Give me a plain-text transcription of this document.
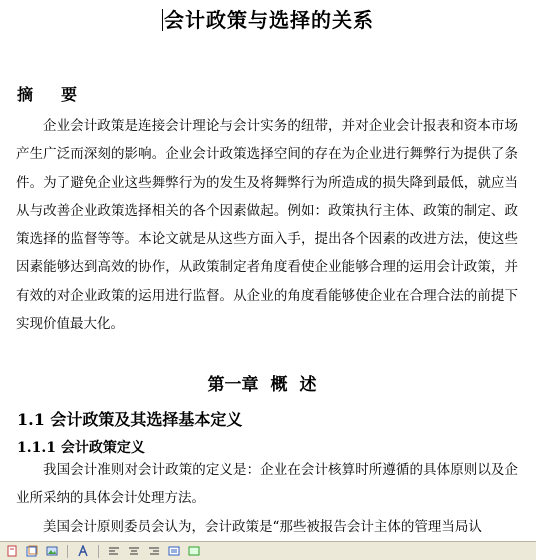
会计政策与选择的关系
摘 要
企业会计政策是连接会计理论与会计实务的纽带，并对企业会计报表和资本市场产生广泛而深刻的影响。企业会计政策选择空间的存在为企业进行舞弊行为提供了条件。为了避免企业这些舞弊行为的发生及将舞弊行为所造成的损失降到最低，就应当从与改善企业政策选择相关的各个因素做起。例如：政策执行主体、政策的制定、政策选择的监督等等。本论文就是从这些方面入手，提出各个因素的改进方法，使这些因素能够达到高效的协作，从政策制定者角度看使企业能够合理的运用会计政策，并有效的对企业政策的运用进行监督。从企业的角度看能够使企业在合理合法的前提下实现价值最大化。
第一章 概 述
1.1 会计政策及其选择基本定义
1.1.1 会计政策定义
我国会计准则对会计政策的定义是：企业在会计核算时所遵循的具体原则以及企业所采纳的具体会计处理方法。
美国会计原则委员会认为，会计政策是“那些被报告会计主体的管理当局认
